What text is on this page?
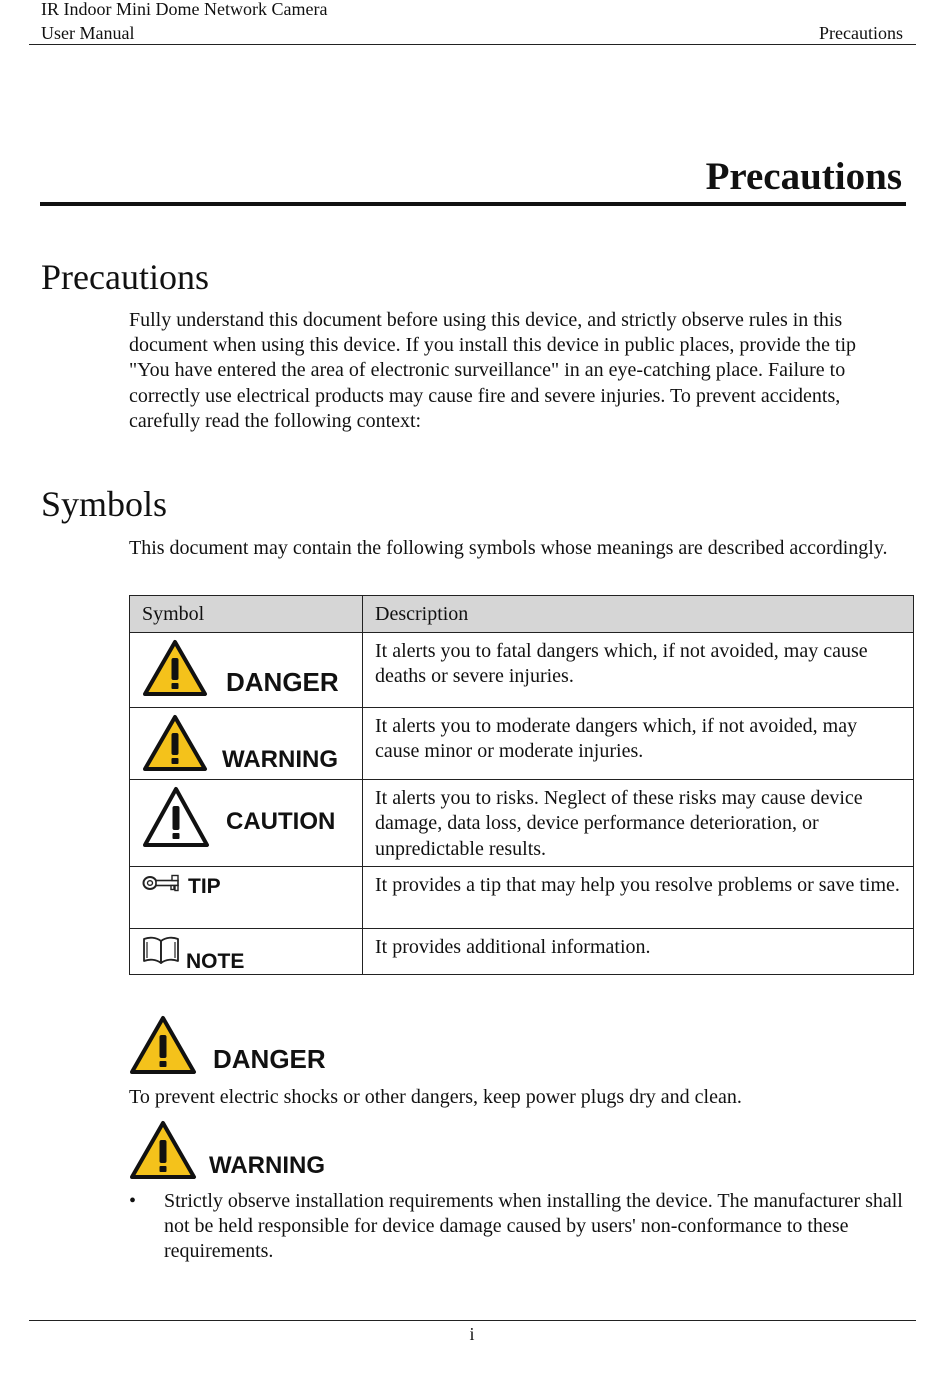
IR Indoor Mini Dome Network Camera
User Manual	Precautions
Precautions
Precautions

Fully understand this document before using this device, and strictly observe rules in this document when using this device. If you install this device in public places, provide the tip "You have entered the area of electronic surveillance" in an eye-catching place. Failure to correctly use electrical products may cause fire and severe injuries. To prevent accidents, carefully read the following context:

Symbols

This document may contain the following symbols whose meanings are described accordingly.

Symbol	Description

DANGER	It alerts you to fatal dangers which, if not avoided, may cause deaths or severe injuries.

WARNING	It alerts you to moderate dangers which, if not avoided, may cause minor or moderate injuries.

CAUTION	It alerts you to risks. Neglect of these risks may cause device damage, data loss, device performance deterioration, or unpredictable results.

TIP	It provides a tip that may help you resolve problems or save time.

NOTE	It provides additional information.
DANGER

To prevent electric shocks or other dangers, keep power plugs dry and clean.

WARNING
• Strictly observe installation requirements when installing the device. The manufacturer shall not be held responsible for device damage caused by users' non-conformance to these requirements.
i
